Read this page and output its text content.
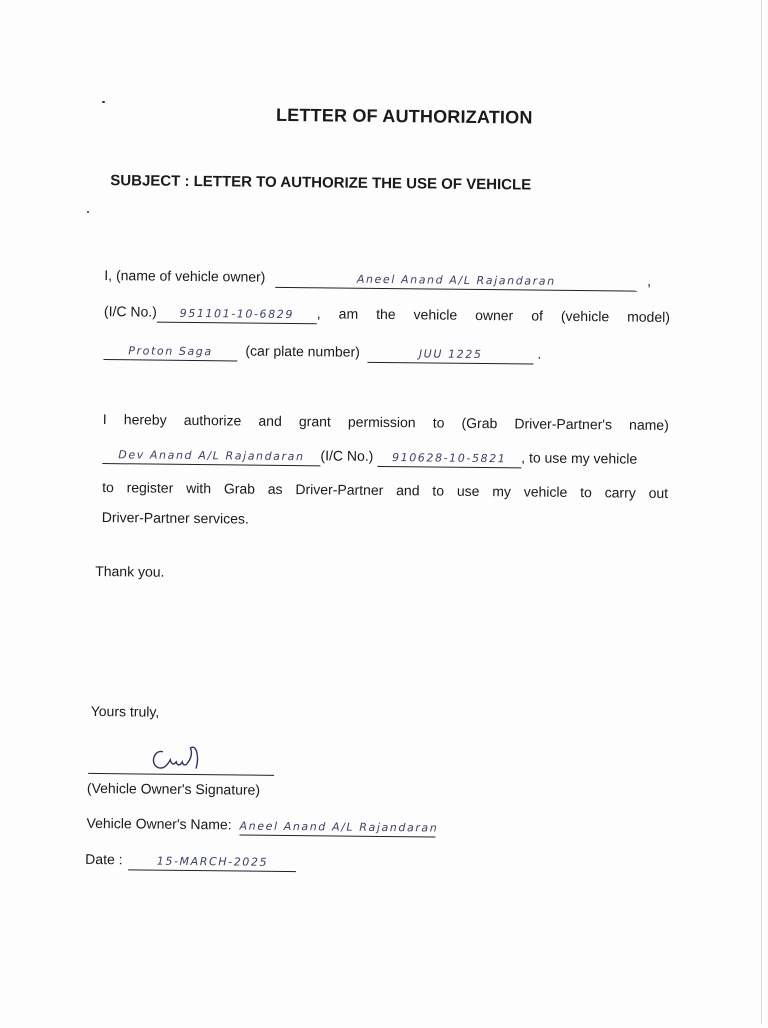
LETTER OF AUTHORIZATION
SUBJECT : LETTER TO AUTHORIZE THE USE OF VEHICLE
I, (name of vehicle owner)	Aneel Anand A/L Rajandaran	,
(I/C No.)	951101-10-6829	, am the vehicle owner of (vehicle model)
Proton Saga (car plate number)	JUU 1225	.
I hereby authorize and grant permission to (Grab Driver-Partner's name)
Dev Anand A/L Rajandaran (I/C No.) 910628-10-5821 , to use my vehicle
to register with Grab as Driver-Partner and to use my vehicle to carry out
Driver-Partner services.
Thank you.
Yours truly,
(Vehicle Owner's Signature)
Vehicle Owner's Name: Aneel Anand A/L Rajandaran
Date :	15-MARCH-2025
